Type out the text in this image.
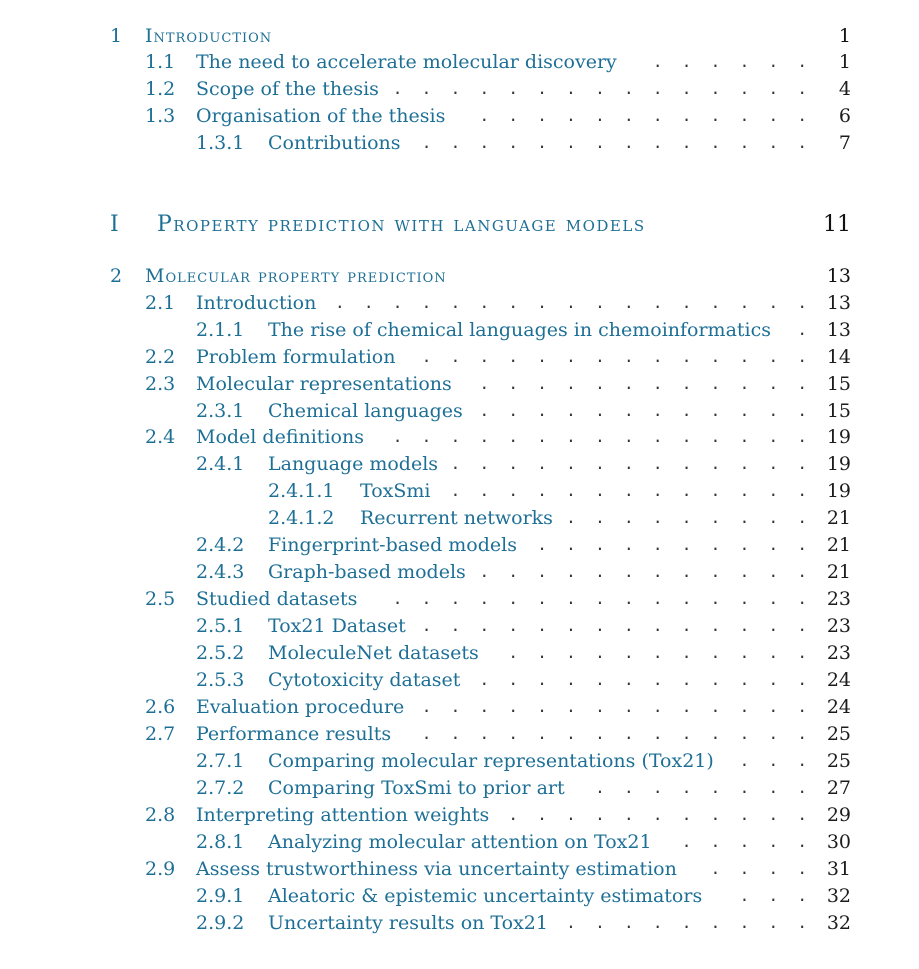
1 Introduction	1
1.1 The need to accelerate molecular discovery	1
.  .  .  .  .  .
1.2 Scope of the thesis	4
.  .  .  .  .  .  .  .  .  .  .  .  .  .  .
1.3 Organisation of the thesis	6
.  .  .  .  .  .  .  .  .  .  .  .
1.3.1 Contributions	7
.  .  .  .  .  .  .  .  .  .  .  .  .  .
I Property prediction with language models	11
2 Molecular property prediction	13
2.1 Introduction	13
.  .  .  .  .  .  .  .  .  .  .  .  .  .  .  .  .
2.1.1 The rise of chemical languages in chemoinformatics	13
.
2.2 Problem formulation	14
.  .  .  .  .  .  .  .  .  .  .  .  .  .
2.3 Molecular representations	15
.  .  .  .  .  .  .  .  .  .  .  .
2.3.1 Chemical languages	15
.  .  .  .  .  .  .  .  .  .  .  .
2.4 Model definitions	19
.  .  .  .  .  .  .  .  .  .  .  .  .  .  .
2.4.1 Language models	19
.  .  .  .  .  .  .  .  .  .  .  .  .
2.4.1.1 ToxSmi	19
.  .  .  .  .  .  .  .  .  .  .  .  .
2.4.1.2 Recurrent networks	21
.  .  .  .  .  .  .  .  .
2.4.2 Fingerprint-based models	21
.  .  .  .  .  .  .  .  .  .
2.4.3 Graph-based models	21
.  .  .  .  .  .  .  .  .  .  .  .
2.5 Studied datasets	23
.  .  .  .  .  .  .  .  .  .  .  .  .  .  .
2.5.1 Tox21 Dataset	23
.  .  .  .  .  .  .  .  .  .  .  .  .  .
2.5.2 MoleculeNet datasets	23
.  .  .  .  .  .  .  .  .  .  .
2.5.3 Cytotoxicity dataset	24
.  .  .  .  .  .  .  .  .  .  .  .
2.6 Evaluation procedure	24
.  .  .  .  .  .  .  .  .  .  .  .  .  .
2.7 Performance results	25
.  .  .  .  .  .  .  .  .  .  .  .  .  .
2.7.1 Comparing molecular representations (Tox21)	25
.  .  .
2.7.2 Comparing ToxSmi to prior art	27
.  .  .  .  .  .  .  .
2.8 Interpreting attention weights	29
.  .  .  .  .  .  .  .  .  .  .
2.8.1 Analyzing molecular attention on Tox21	30
.  .  .  .  .
2.9 Assess trustworthiness via uncertainty estimation	31
.  .  .  .
2.9.1 Aleatoric & epistemic uncertainty estimators	32
.  .  .
2.9.2 Uncertainty results on Tox21	32
.  .  .  .  .  .  .  .  .
